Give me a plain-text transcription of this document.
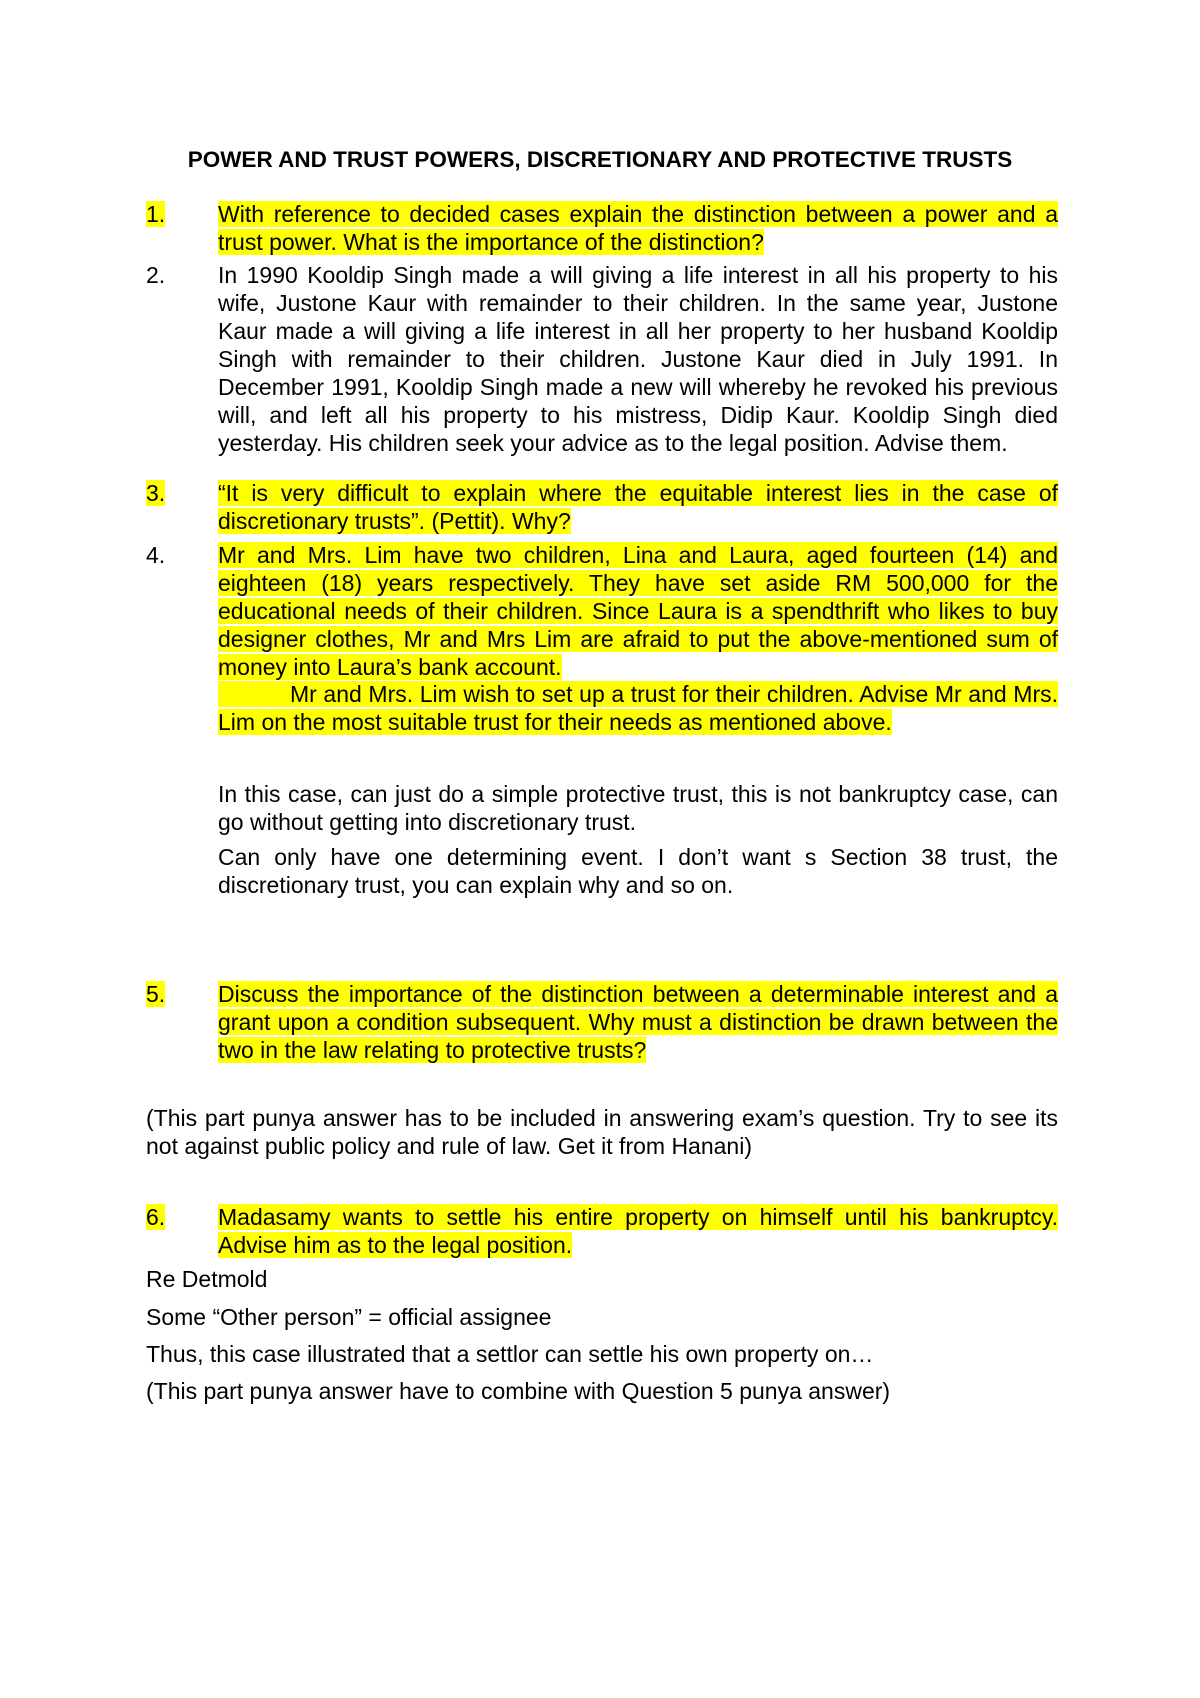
POWER AND TRUST POWERS, DISCRETIONARY AND PROTECTIVE TRUSTS
1. With reference to decided cases explain the distinction between a power and a trust power. What is the importance of the distinction?
2. In 1990 Kooldip Singh made a will giving a life interest in all his property to his wife, Justone Kaur with remainder to their children. In the same year, Justone Kaur made a will giving a life interest in all her property to her husband Kooldip Singh with remainder to their children. Justone Kaur died in July 1991. In December 1991, Kooldip Singh made a new will whereby he revoked his previous will, and left all his property to his mistress, Didip Kaur. Kooldip Singh died yesterday. His children seek your advice as to the legal position. Advise them.
3. “It is very difficult to explain where the equitable interest lies in the case of discretionary trusts”. (Pettit). Why?
4. Mr and Mrs. Lim have two children, Lina and Laura, aged fourteen (14) and eighteen (18) years respectively. They have set aside RM 500,000 for the educational needs of their children. Since Laura is a spendthrift who likes to buy designer clothes, Mr and Mrs Lim are afraid to put the above-mentioned sum of money into Laura’s bank account.
Mr and Mrs. Lim wish to set up a trust for their children. Advise Mr and Mrs. Lim on the most suitable trust for their needs as mentioned above.
In this case, can just do a simple protective trust, this is not bankruptcy case, can go without getting into discretionary trust.
Can only have one determining event. I don’t want s Section 38 trust, the discretionary trust, you can explain why and so on.
5. Discuss the importance of the distinction between a determinable interest and a grant upon a condition subsequent. Why must a distinction be drawn between the two in the law relating to protective trusts?
(This part punya answer has to be included in answering exam’s question. Try to see its not against public policy and rule of law. Get it from Hanani)
6. Madasamy wants to settle his entire property on himself until his bankruptcy. Advise him as to the legal position.
Re Detmold
Some “Other person” = official assignee
Thus, this case illustrated that a settlor can settle his own property on…
(This part punya answer have to combine with Question 5 punya answer)
